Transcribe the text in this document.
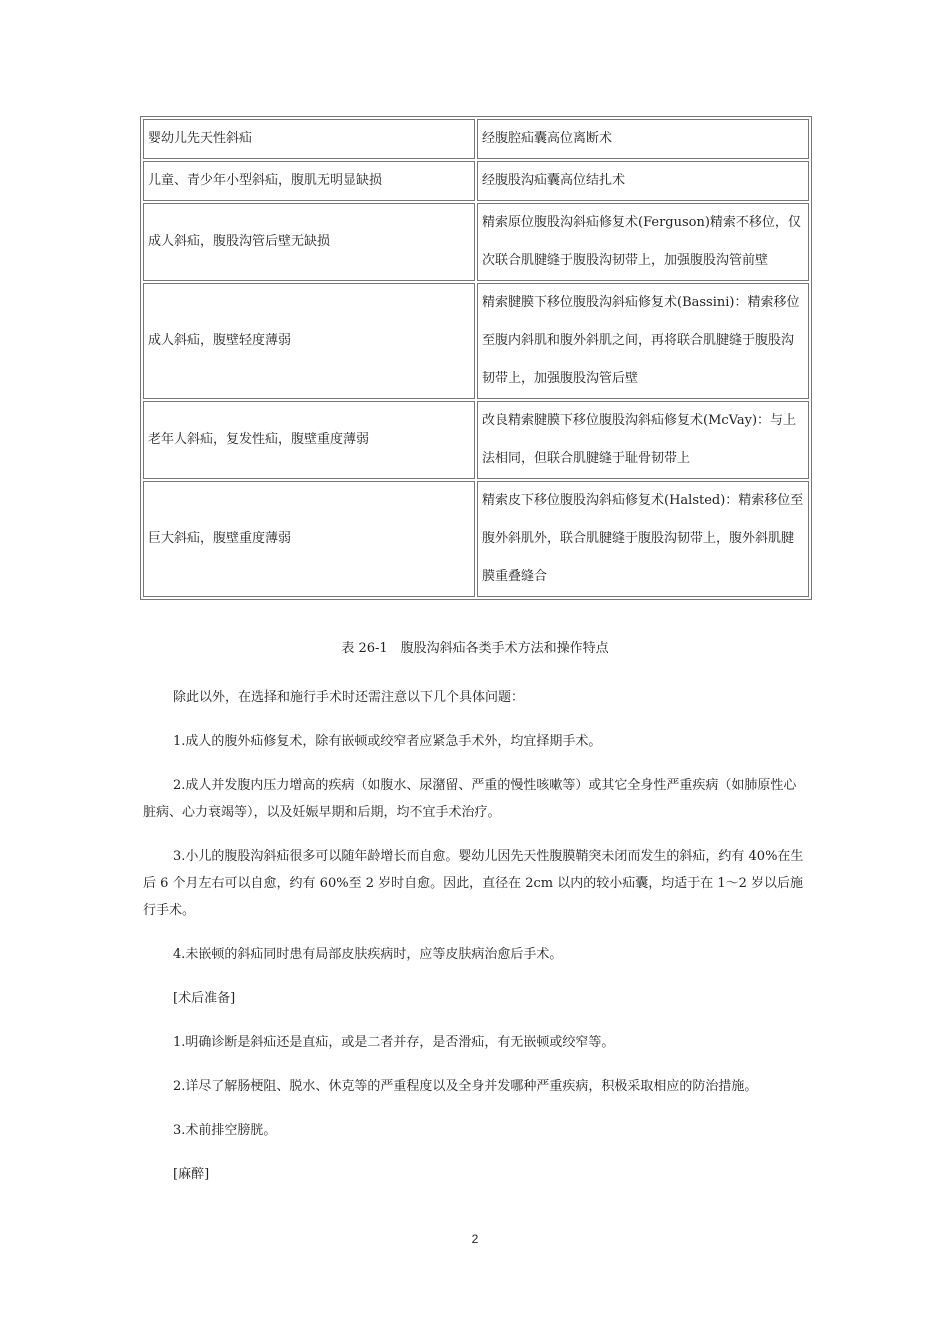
婴幼儿先天性斜疝	经腹腔疝囊高位离断术
儿童、青少年小型斜疝，腹肌无明显缺损	经腹股沟疝囊高位结扎术
成人斜疝，腹股沟管后壁无缺损	精索原位腹股沟斜疝修复术(Ferguson)精索不移位，仅次联合肌腱缝于腹股沟韧带上，加强腹股沟管前壁
成人斜疝，腹壁轻度薄弱	精索腱膜下移位腹股沟斜疝修复术(Bassini)：精索移位至腹内斜肌和腹外斜肌之间，再将联合肌腱缝于腹股沟韧带上，加强腹股沟管后壁
老年人斜疝，复发性疝，腹壁重度薄弱	改良精索腱膜下移位腹股沟斜疝修复术(McVay)：与上法相同，但联合肌腱缝于耻骨韧带上
巨大斜疝，腹壁重度薄弱	精索皮下移位腹股沟斜疝修复术(Halsted)：精索移位至腹外斜肌外，联合肌腱缝于腹股沟韧带上，腹外斜肌腱膜重叠缝合
表 26-1　腹股沟斜疝各类手术方法和操作特点

除此以外，在选择和施行手术时还需注意以下几个具体问题：

1.成人的腹外疝修复术，除有嵌顿或绞窄者应紧急手术外，均宜择期手术。

2.成人并发腹内压力增高的疾病（如腹水、尿潴留、严重的慢性咳嗽等）或其它全身性严重疾病（如肺原性心脏病、心力衰竭等），以及妊娠早期和后期，均不宜手术治疗。

3.小儿的腹股沟斜疝很多可以随年龄增长而自愈。婴幼儿因先天性腹膜鞘突未闭而发生的斜疝，约有 40%在生后 6 个月左右可以自愈，约有 60%至 2 岁时自愈。因此，直径在 2cm 以内的较小疝囊，均适于在 1～2 岁以后施行手术。

4.未嵌顿的斜疝同时患有局部皮肤疾病时，应等皮肤病治愈后手术。

[术后准备]

1.明确诊断是斜疝还是直疝，或是二者并存，是否滑疝，有无嵌顿或绞窄等。

2.详尽了解肠梗阻、脱水、休克等的严重程度以及全身并发哪种严重疾病，积极采取相应的防治措施。

3.术前排空膀胱。

[麻醉]

2
